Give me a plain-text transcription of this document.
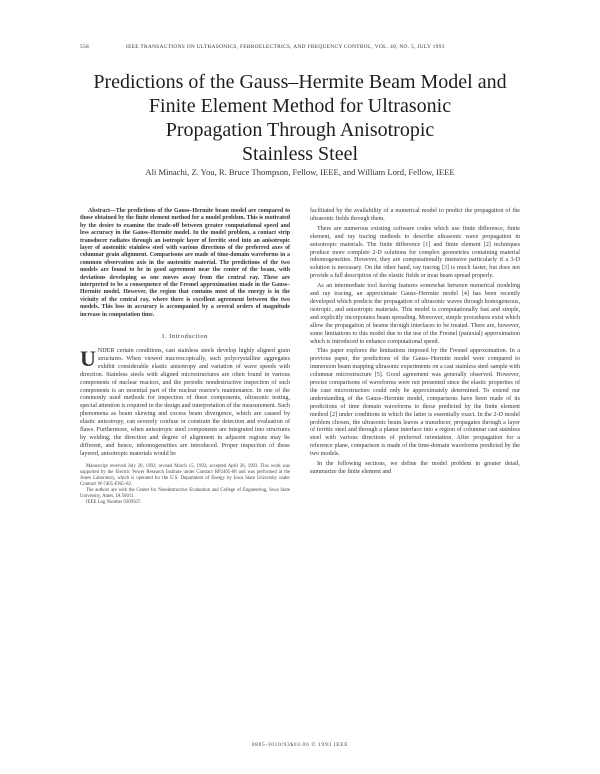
558	IEEE TRANSACTIONS ON ULTRASONICS, FERROELECTRICS, AND FREQUENCY CONTROL, VOL. 40, NO. 5, JULY 1993
Predictions of the Gauss–Hermite Beam Model and
Finite Element Method for Ultrasonic
Propagation Through Anisotropic
Stainless Steel
Ali Minachi, Z. You, R. Bruce Thompson, Fellow, IEEE, and William Lord, Fellow, IEEE

Abstract—The predictions of the Gauss–Hermite beam model are compared to those obtained by the finite element method for a model problem. This is motivated by the desire to examine the trade-off between greater computational speed and less accuracy in the Gauss–Hermite model. In the model problem, a contact strip transducer radiates through an isotropic layer of ferritic steel into an anisotropic layer of austenitic stainless steel with various directions of the preferred axes of columnar grain alignment. Comparisons are made of time-domain waveforms in a common observation axis in the austenitic material. The predictions of the two models are found to be in good agreement near the center of the beam, with deviations developing as one moves away from the central ray. These are interpreted to be a consequence of the Fresnel approximation made in the Gauss–Hermite model. However, the region that contains most of the energy is in the vicinity of the central ray, where there is excellent agreement between the two models. This loss in accuracy is accompanied by a several orders of magnitude increase in computation time.

I. Introduction

UNDER certain conditions, cast stainless steels develop highly aligned grain structures. When viewed macroscopically, such polycrystalline aggregates exhibit considerable elastic anisotropy and variation of wave speeds with direction. Stainless steels with aligned microstructures are often found in various components of nuclear reactors, and the periodic nondestructive inspection of such components is an essential part of the nuclear reactor's maintenance. In one of the commonly used methods for inspection of these components, ultrasonic testing, special attention is required in the design and interpretation of the measurement. Such phenomena as beam skewing and excess beam divergence, which are caused by elastic anisotropy, can severely confuse or constrain the detection and evaluation of flaws. Furthermore, when anisotropic steel components are integrated into structures by welding, the direction and degree of alignment in adjacent regions may be different, and hence, inhomogeneities are introduced. Proper inspection of these layered, anisotropic materials would be

Manuscript received July 20, 1992; revised March 15, 1993; accepted April 26, 1993. This work was supported by the Electric Power Research Institute under Contract RP2405-08 and was performed at the Ames Laboratory, which is operated for the U.S. Department of Energy by Iowa State University under Contract W-7405-ENG-82.

The authors are with the Center for Nondestructive Evaluation and College of Engineering, Iowa State University, Ames, IA 50011.

IEEE Log Number 9209567.

facilitated by the availability of a numerical model to predict the propagation of the ultrasonic fields through them.

There are numerous existing software codes which use finite difference, finite element, and ray tracing methods to describe ultrasonic wave propagation in anisotropic materials. The finite difference [1] and finite element [2] techniques produce more complete 2-D solutions for complex geometries containing material inhomogeneities. However, they are computationally intensive particularly if a 3-D solution is necessary. On the other hand, ray tracing [3] is much faster, but does not provide a full description of the elastic fields or treat beam spread properly.

As an intermediate tool having features somewhat between numerical modeling and ray tracing, an approximate Gauss–Hermite model [4] has been recently developed which predicts the propagation of ultrasonic waves through homogeneous, isotropic, and anisotropic materials. This model is computationally fast and simple, and explicitly incorporates beam spreading. Moreover, simple procedures exist which allow the propagation of beams through interfaces to be treated. There are, however, some limitations to this model due to the use of the Fresnel (paraxial) approximation which is introduced to enhance computational speed.

This paper explores the limitations imposed by the Fresnel approximation. In a previous paper, the predictions of the Gauss–Hermite model were compared to immersion beam mapping ultrasonic experiments on a cast stainless steel sample with columnar microstructure [5]. Good agreement was generally observed. However, precise comparisons of waveforms were not presented since the elastic properties of the case microstructure could only be approximately determined. To extend our understanding of the Gauss–Hermite model, comparisons have been made of its predictions of time domain waveforms to those predicted by the finite element method [2] under conditions in which the latter is essentially exact. In the 2-D model problem chosen, the ultrasonic beam leaves a transducer, propagates through a layer of ferritic steel and through a planar interface into a region of columnar cast stainless steel with various directions of preferred orientation. After propagation for a reference plane, comparison is made of the time-domain waveforms predicted by the two models.

In the following sections, we define the model problem in greater detail, summarize the finite element and

0885-3010/93$03.00 © 1993 IEEE
